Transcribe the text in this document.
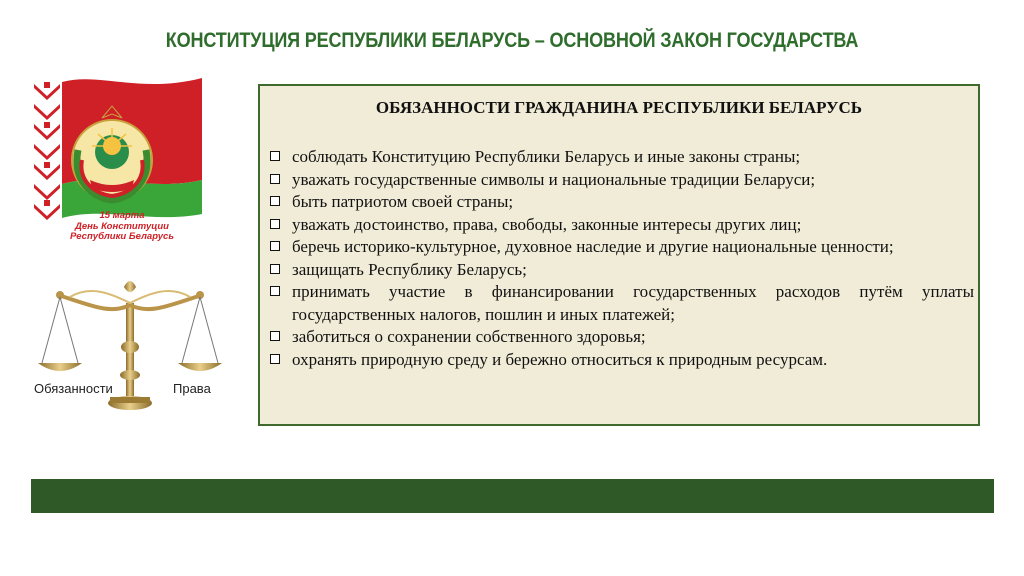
КОНСТИТУЦИЯ РЕСПУБЛИКИ БЕЛАРУСЬ – ОСНОВНОЙ ЗАКОН ГОСУДАРСТВА
15 марта
День Конституции
Республики Беларусь
Обязанности	Права
ОБЯЗАННОСТИ ГРАЖДАНИНА РЕСПУБЛИКИ БЕЛАРУСЬ
соблюдать Конституцию Республики Беларусь и иные законы страны;
уважать государственные символы и национальные традиции Беларуси;
быть патриотом своей страны;
уважать достоинство, права, свободы, законные интересы других лиц;
беречь историко-культурное, духовное наследие и другие национальные ценности;
защищать Республику Беларусь;
принимать участие в финансировании государственных расходов путём уплаты государственных налогов, пошлин и иных платежей;
заботиться о сохранении собственного здоровья;
охранять природную среду и бережно относиться к природным ресурсам.
